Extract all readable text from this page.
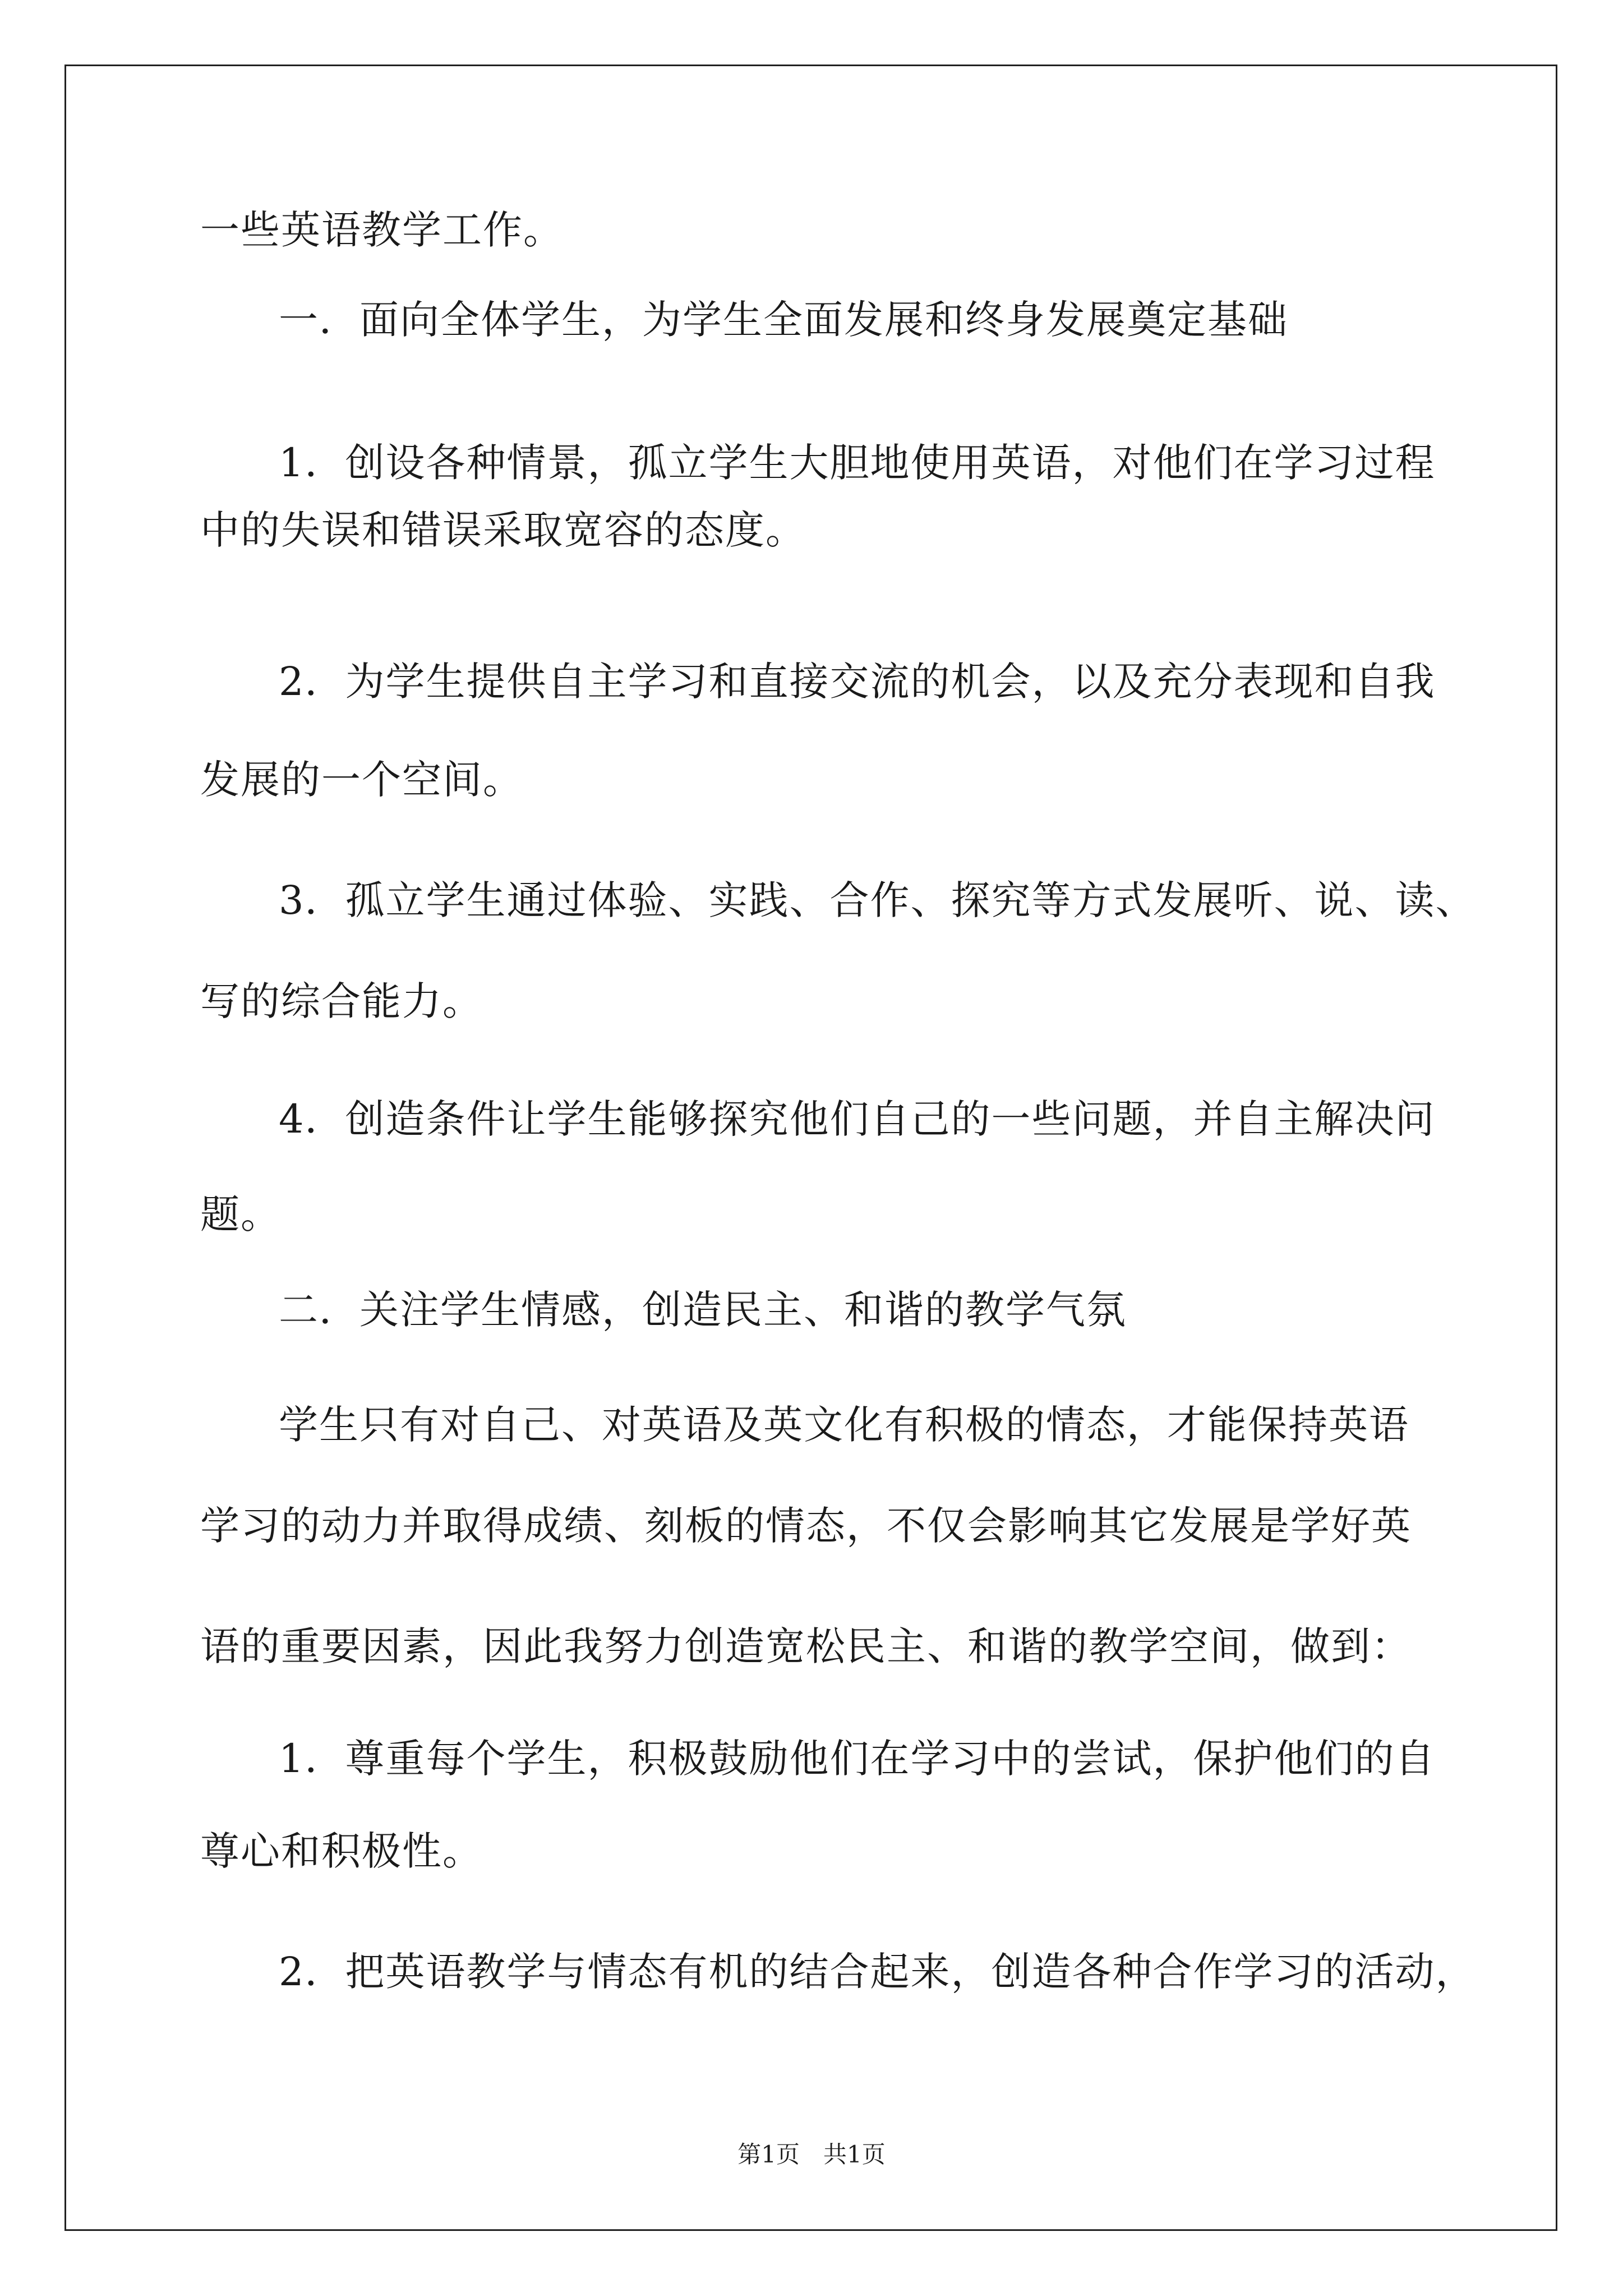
一些英语教学工作。
一．面向全体学生，为学生全面发展和终身发展奠定基础
1．创设各种情景，孤立学生大胆地使用英语，对他们在学习过程
中的失误和错误采取宽容的态度。
2．为学生提供自主学习和直接交流的机会，以及充分表现和自我
发展的一个空间。
3．孤立学生通过体验、实践、合作、探究等方式发展听、说、读、
写的综合能力。
4．创造条件让学生能够探究他们自己的一些问题，并自主解决问
题。
二．关注学生情感，创造民主、和谐的教学气氛
学生只有对自己、对英语及英文化有积极的情态，才能保持英语
学习的动力并取得成绩、刻板的情态，不仅会影响其它发展是学好英
语的重要因素，因此我努力创造宽松民主、和谐的教学空间，做到：
1．尊重每个学生，积极鼓励他们在学习中的尝试，保护他们的自
尊心和积极性。
2．把英语教学与情态有机的结合起来，创造各种合作学习的活动，
第1页　共1页
